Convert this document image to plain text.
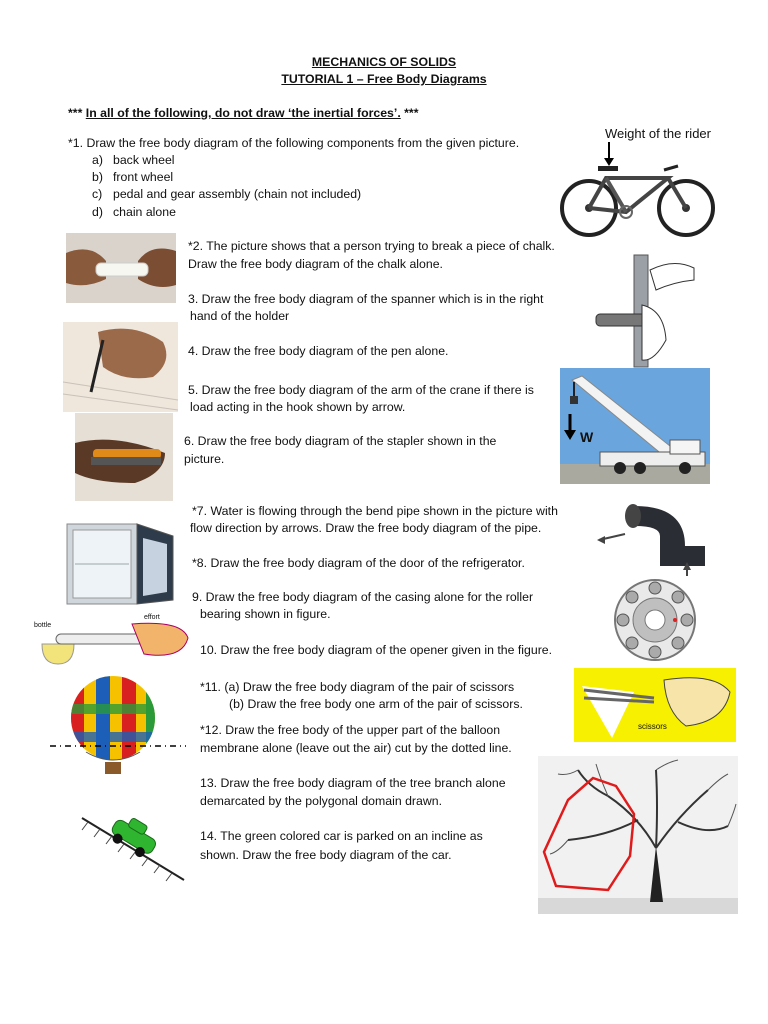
MECHANICS OF SOLIDS
TUTORIAL 1 – Free Body Diagrams
*** In all of the following, do not draw ‘the inertial forces’. ***
*1. Draw the free body diagram of the following components from the given picture.
a) back wheel
b) front wheel
c) pedal and gear assembly (chain not included)
d) chain alone
Weight of the rider
*2. The picture shows that a person trying to break a piece of chalk.
Draw the free body diagram of the chalk alone.
3. Draw the free body diagram of the spanner which is in the right
hand of the holder
4. Draw the free body diagram of the pen alone.
5. Draw the free body diagram of the arm of the crane if there is
load acting in the hook shown by arrow.
W
6. Draw the free body diagram of the stapler shown in the
picture.
*7. Water is flowing through the bend pipe shown in the picture with
flow direction by arrows. Draw the free body diagram of the pipe.
*8. Draw the free body diagram of the door of the refrigerator.
9. Draw the free body diagram of the casing alone for the roller
bearing shown in figure.
bottle
effort
10. Draw the free body diagram of the opener given in the figure.
*11. (a) Draw the free body diagram of the pair of scissors
(b) Draw the free body one arm of the pair of scissors.
scissors
*12. Draw the free body of the upper part of the balloon
membrane alone (leave out the air) cut by the dotted line.
13. Draw the free body diagram of the tree branch alone
demarcated by the polygonal domain drawn.
14. The green colored car is parked on an incline as
shown. Draw the free body diagram of the car.
